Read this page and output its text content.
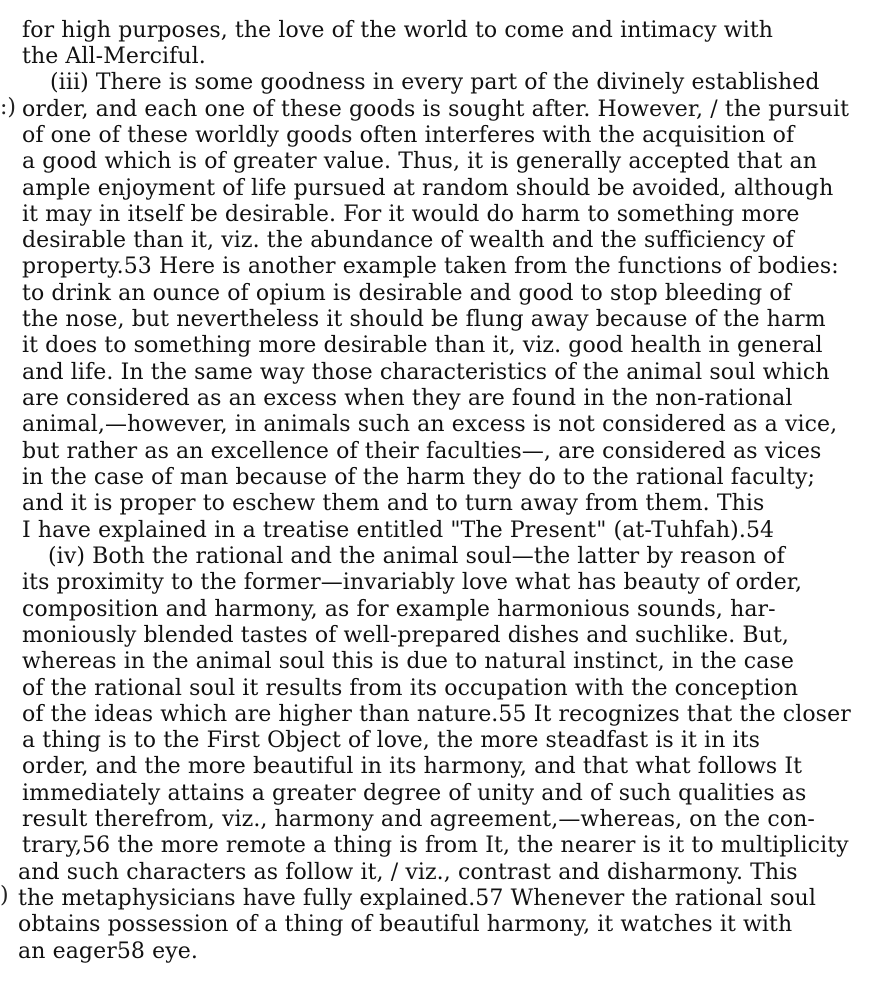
:)
)
for high purposes, the love of the world to come and intimacy with
the All-Merciful.
(iii) There is some goodness in every part of the divinely established
order, and each one of these goods is sought after. However, / the pursuit
of one of these worldly goods often interferes with the acquisition of
a good which is of greater value. Thus, it is generally accepted that an
ample enjoyment of life pursued at random should be avoided, although
it may in itself be desirable. For it would do harm to something more
desirable than it, viz. the abundance of wealth and the sufficiency of
property.53 Here is another example taken from the functions of bodies:
to drink an ounce of opium is desirable and good to stop bleeding of
the nose, but nevertheless it should be flung away because of the harm
it does to something more desirable than it, viz. good health in general
and life. In the same way those characteristics of the animal soul which
are considered as an excess when they are found in the non-rational
animal,—however, in animals such an excess is not considered as a vice,
but rather as an excellence of their faculties—, are considered as vices
in the case of man because of the harm they do to the rational faculty;
and it is proper to eschew them and to turn away from them. This
I have explained in a treatise entitled "The Present" (at-Tuhfah).54
(iv) Both the rational and the animal soul—the latter by reason of
its proximity to the former—invariably love what has beauty of order,
composition and harmony, as for example harmonious sounds, har-
moniously blended tastes of well-prepared dishes and suchlike. But,
whereas in the animal soul this is due to natural instinct, in the case
of the rational soul it results from its occupation with the conception
of the ideas which are higher than nature.55 It recognizes that the closer
a thing is to the First Object of love, the more steadfast is it in its
order, and the more beautiful in its harmony, and that what follows It
immediately attains a greater degree of unity and of such qualities as
result therefrom, viz., harmony and agreement,—whereas, on the con-
trary,56 the more remote a thing is from It, the nearer is it to multiplicity
and such characters as follow it, / viz., contrast and disharmony. This
the metaphysicians have fully explained.57 Whenever the rational soul
obtains possession of a thing of beautiful harmony, it watches it with
an eager58 eye.
